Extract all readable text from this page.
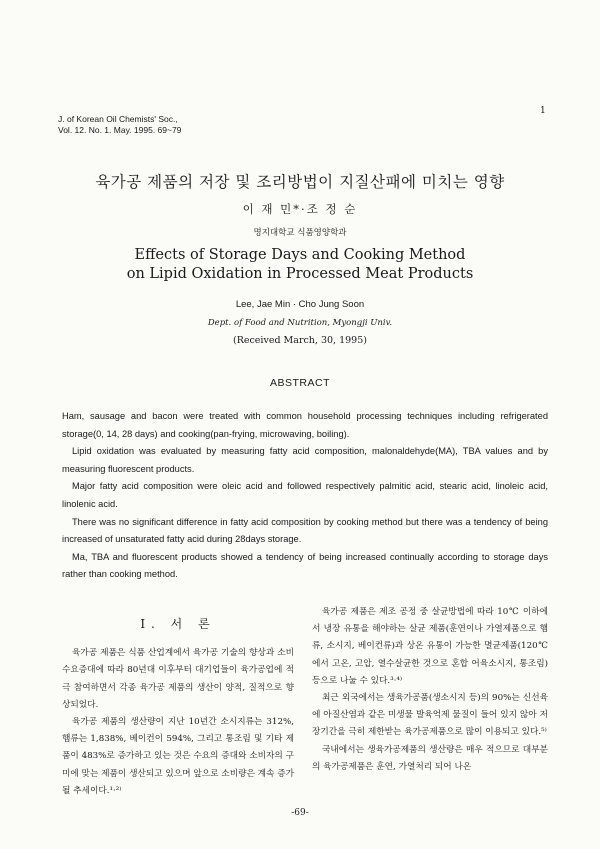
J. of Korean Oil Chemists' Soc.,
Vol. 12. No. 1. May. 1995. 69~79
1
육가공 제품의 저장 및 조리방법이 지질산패에 미치는 영향
이 재 민*·조 정 순
명지대학교 식품영양학과
Effects of Storage Days and Cooking Method
on Lipid Oxidation in Processed Meat Products
Lee, Jae Min · Cho Jung Soon
Dept. of Food and Nutrition, Myongji Univ.
(Received March, 30, 1995)
ABSTRACT

Ham, sausage and bacon were treated with common household processing techniques including refrigerated storage(0, 14, 28 days) and cooking(pan-frying, microwaving, boiling).

Lipid oxidation was evaluated by measuring fatty acid composition, malonaldehyde(MA), TBA values and by measuring fluorescent products.

Major fatty acid composition were oleic acid and followed respectively palmitic acid, stearic acid, linoleic acid, linolenic acid.

There was no significant difference in fatty acid composition by cooking method but there was a tendency of being increased of unsaturated fatty acid during 28days storage.

Ma, TBA and fluorescent products showed a tendency of being increased continually according to storage days rather than cooking method.

I. 서 론

육가공 제품은 식품 산업계에서 육가공 기술의 향상과 소비 수요증대에 따라 80년대 이후부터 대기업들이 육가공업에 적극 참여하면서 각종 육가공 제품의 생산이 양적, 질적으로 향상되었다.

육가공 제품의 생산량이 지난 10년간 소시지류는 312%, 햄류는 1,838%, 베이컨이 594%, 그리고 통조림 및 기타 제품이 483%로 증가하고 있는 것은 수요의 증대와 소비자의 구미에 맞는 제품이 생산되고 있으며 앞으로 소비량은 계속 증가될 추세이다.¹·²⁾

육가공 제품은 제조 공정 중 살균방법에 따라 10℃ 이하에서 냉장 유통을 해야하는 살균 제품(훈연이나 가열제품으로 햄류, 소시지, 베이컨류)과 상온 유통이 가능한 멸균제품(120℃에서 고온, 고압, 열수살균한 것으로 혼합 어육소시지, 통조림) 등으로 나눌 수 있다.³·⁴⁾

최근 외국에서는 생육가공품(생소시지 등)의 90%는 신선육에 아질산염과 같은 미생물 발육억제 물질이 들어 있지 않아 저장기간을 극히 제한받는 육가공제품으로 많이 이용되고 있다.⁵⁾

국내에서는 생육가공제품의 생산량은 매우 적으므로 대부분의 육가공제품은 훈연, 가열처리 되어 나온

-69-
